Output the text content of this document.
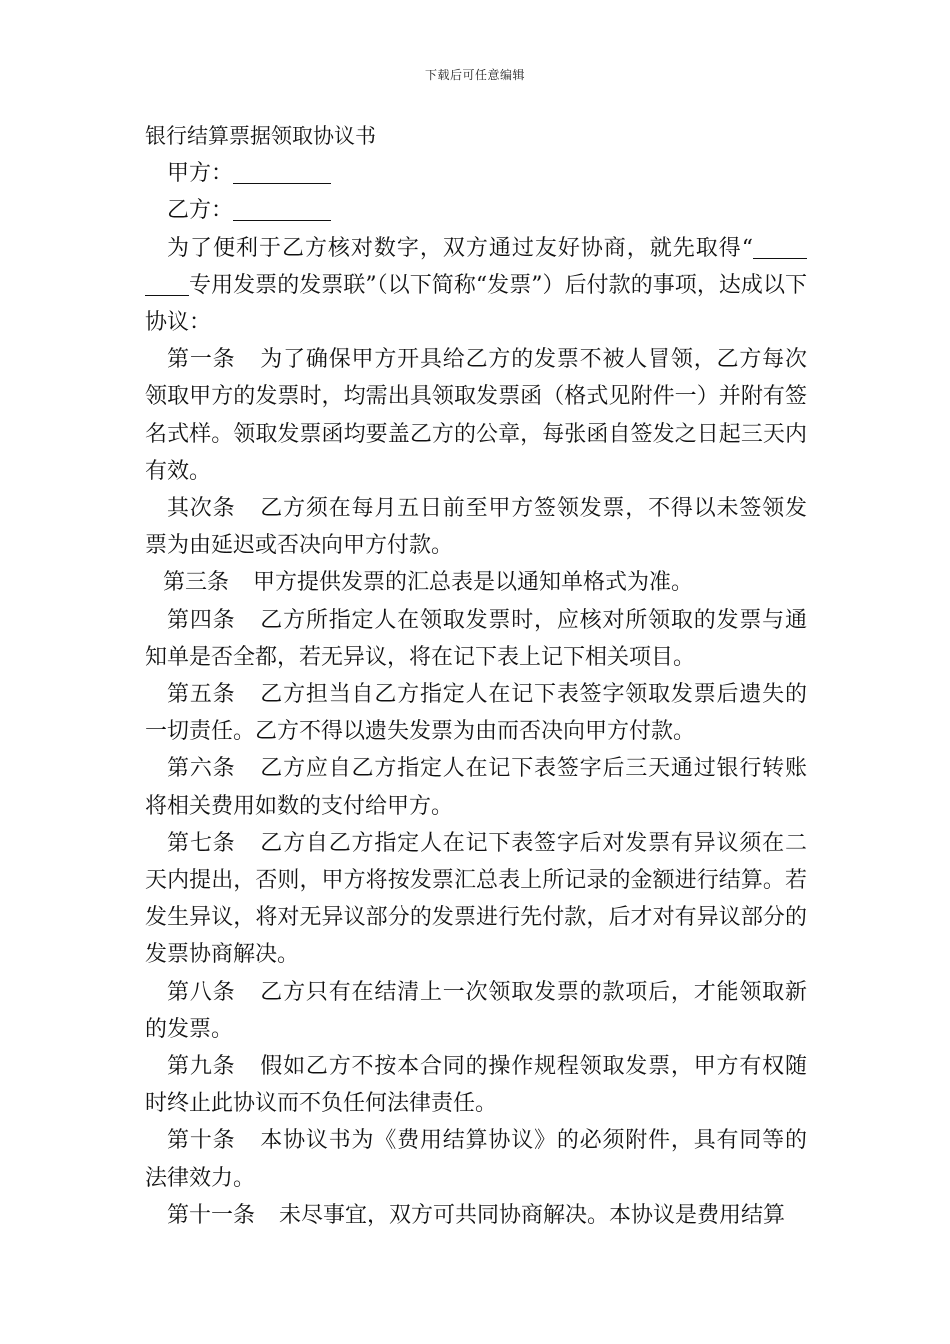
下载后可任意编辑

银行结算票据领取协议书

甲方：

乙方：

为了便利于乙方核对数字，双方通过友好协商，就先取得“专用发票的发票联”（以下简称“发票”）后付款的事项，达成以下协议：

第一条 为了确保甲方开具给乙方的发票不被人冒领，乙方每次领取甲方的发票时，均需出具领取发票函（格式见附件一）并附有签名式样。领取发票函均要盖乙方的公章，每张函自签发之日起三天内有效。

其次条 乙方须在每月五日前至甲方签领发票，不得以未签领发票为由延迟或否决向甲方付款。

第三条 甲方提供发票的汇总表是以通知单格式为准。

第四条 乙方所指定人在领取发票时，应核对所领取的发票与通知单是否全都，若无异议，将在记下表上记下相关项目。

第五条 乙方担当自乙方指定人在记下表签字领取发票后遗失的一切责任。乙方不得以遗失发票为由而否决向甲方付款。

第六条 乙方应自乙方指定人在记下表签字后三天通过银行转账将相关费用如数的支付给甲方。

第七条 乙方自乙方指定人在记下表签字后对发票有异议须在二天内提出，否则，甲方将按发票汇总表上所记录的金额进行结算。若发生异议，将对无异议部分的发票进行先付款，后才对有异议部分的发票协商解决。

第八条 乙方只有在结清上一次领取发票的款项后，才能领取新的发票。

第九条 假如乙方不按本合同的操作规程领取发票，甲方有权随时终止此协议而不负任何法律责任。

第十条 本协议书为《费用结算协议》的必须附件，具有同等的法律效力。

第十一条 未尽事宜，双方可共同协商解决。本协议是费用结算
